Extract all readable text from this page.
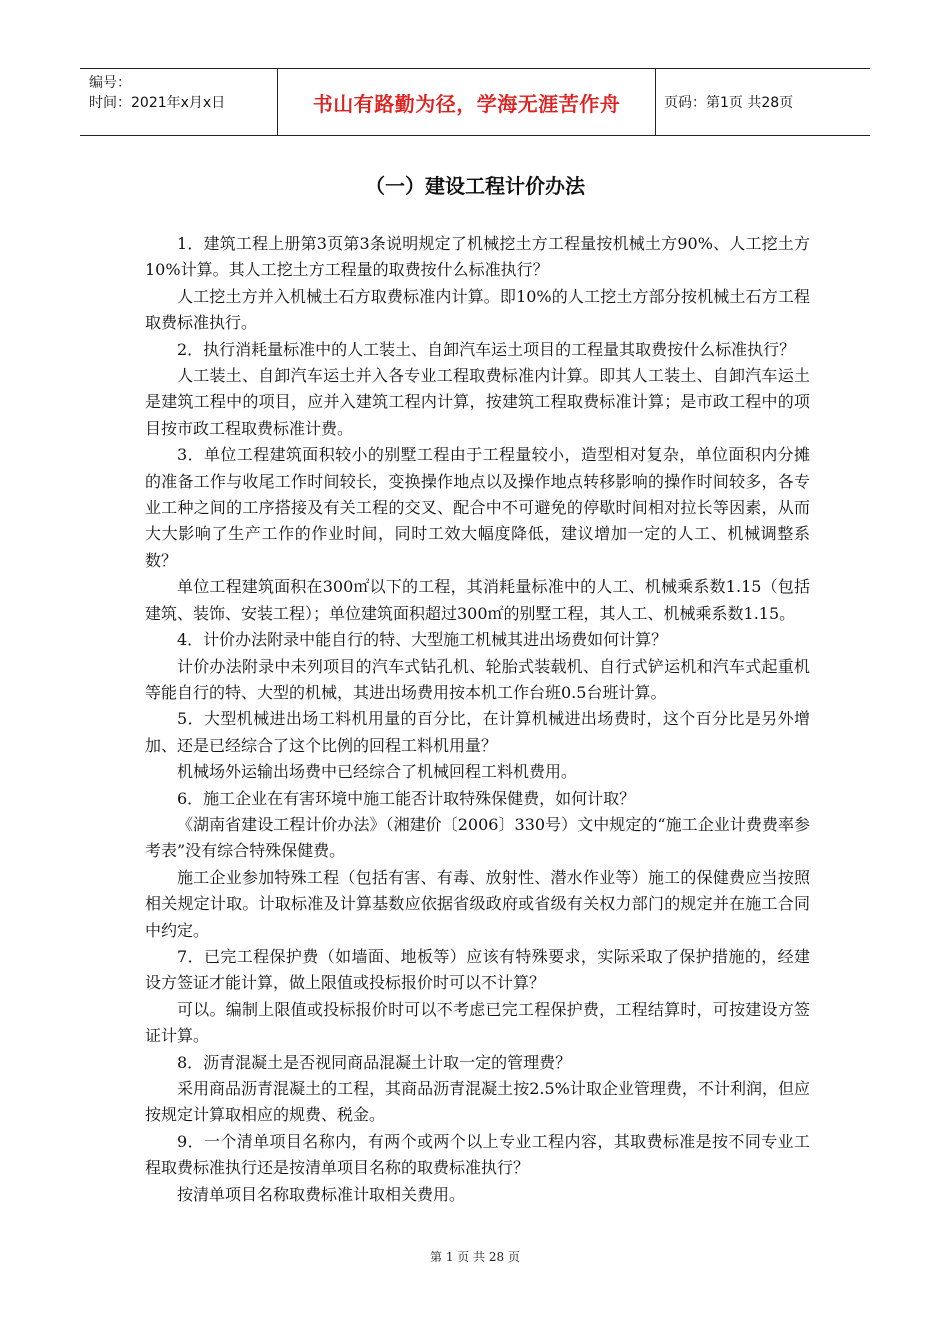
编号：
时间：2021年x月x日	书山有路勤为径，学海无涯苦作舟	页码：第1页 共28页
（一）建设工程计价办法

1．建筑工程上册第3页第3条说明规定了机械挖土方工程量按机械土方90%、人工挖土方10%计算。其人工挖土方工程量的取费按什么标准执行？

人工挖土方并入机械土石方取费标准内计算。即10%的人工挖土方部分按机械土石方工程取费标准执行。

2．执行消耗量标准中的人工装土、自卸汽车运土项目的工程量其取费按什么标准执行？

人工装土、自卸汽车运土并入各专业工程取费标准内计算。即其人工装土、自卸汽车运土是建筑工程中的项目，应并入建筑工程内计算，按建筑工程取费标准计算；是市政工程中的项目按市政工程取费标准计费。

3．单位工程建筑面积较小的别墅工程由于工程量较小，造型相对复杂，单位面积内分摊的准备工作与收尾工作时间较长，变换操作地点以及操作地点转移影响的操作时间较多，各专业工种之间的工序搭接及有关工程的交叉、配合中不可避免的停歇时间相对拉长等因素，从而大大影响了生产工作的作业时间，同时工效大幅度降低，建议增加一定的人工、机械调整系数？

单位工程建筑面积在300㎡以下的工程，其消耗量标准中的人工、机械乘系数1.15（包括建筑、装饰、安装工程）；单位建筑面积超过300㎡的别墅工程，其人工、机械乘系数1.15。

4．计价办法附录中能自行的特、大型施工机械其进出场费如何计算？

计价办法附录中未列项目的汽车式钻孔机、轮胎式装载机、自行式铲运机和汽车式起重机等能自行的特、大型的机械，其进出场费用按本机工作台班0.5台班计算。

5．大型机械进出场工料机用量的百分比，在计算机械进出场费时，这个百分比是另外增加、还是已经综合了这个比例的回程工料机用量？

机械场外运输出场费中已经综合了机械回程工料机费用。

6．施工企业在有害环境中施工能否计取特殊保健费，如何计取？

《湖南省建设工程计价办法》（湘建价〔2006〕330号）文中规定的“施工企业计费费率参考表”没有综合特殊保健费。

施工企业参加特殊工程（包括有害、有毒、放射性、潜水作业等）施工的保健费应当按照相关规定计取。计取标准及计算基数应依据省级政府或省级有关权力部门的规定并在施工合同中约定。

7．已完工程保护费（如墙面、地板等）应该有特殊要求，实际采取了保护措施的，经建设方签证才能计算，做上限值或投标报价时可以不计算？

可以。编制上限值或投标报价时可以不考虑已完工程保护费，工程结算时，可按建设方签证计算。

8．沥青混凝土是否视同商品混凝土计取一定的管理费？

采用商品沥青混凝土的工程，其商品沥青混凝土按2.5%计取企业管理费，不计利润，但应按规定计算取相应的规费、税金。

9．一个清单项目名称内，有两个或两个以上专业工程内容，其取费标准是按不同专业工程取费标准执行还是按清单项目名称的取费标准执行？

按清单项目名称取费标准计取相关费用。

第 1 页 共 28 页
